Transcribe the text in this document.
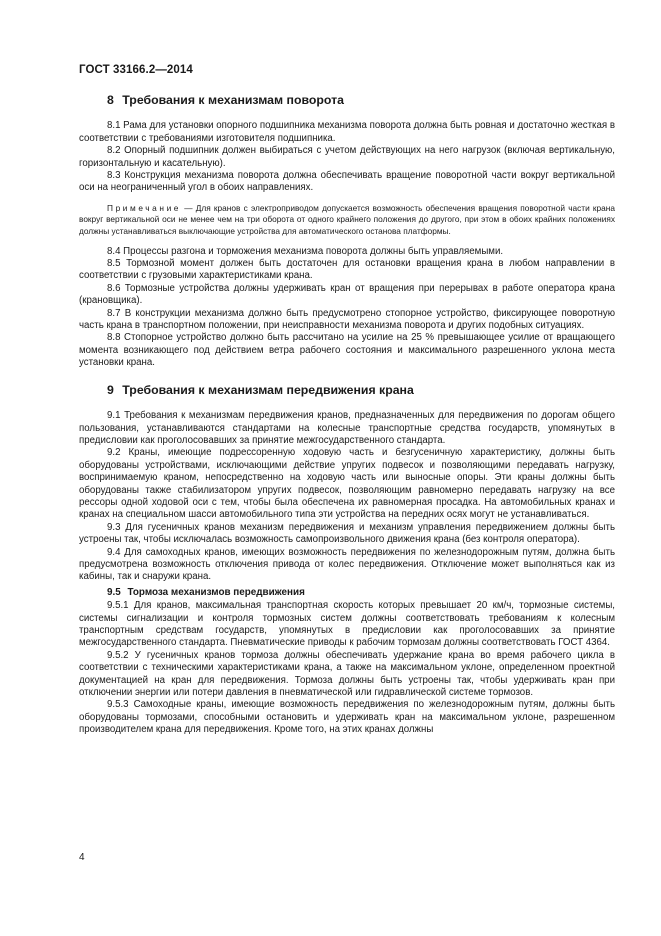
ГОСТ 33166.2—2014
8 Требования к механизмам поворота

8.1 Рама для установки опорного подшипника механизма поворота должна быть ровная и достаточно жесткая в соответствии с требованиями изготовителя подшипника.

8.2 Опорный подшипник должен выбираться с учетом действующих на него нагрузок (включая вертикальную, горизонтальную и касательную).

8.3 Конструкция механизма поворота должна обеспечивать вращение поворотной части вокруг вертикальной оси на неограниченный угол в обоих направлениях.

Примечание — Для кранов с электроприводом допускается возможность обеспечения вращения поворотной части крана вокруг вертикальной оси не менее чем на три оборота от одного крайнего положения до другого, при этом в обоих крайних положениях должны устанавливаться выключающие устройства для автоматического останова платформы.

8.4 Процессы разгона и торможения механизма поворота должны быть управляемыми.

8.5 Тормозной момент должен быть достаточен для остановки вращения крана в любом направлении в соответствии с грузовыми характеристиками крана.

8.6 Тормозные устройства должны удерживать кран от вращения при перерывах в работе оператора крана (крановщика).

8.7 В конструкции механизма должно быть предусмотрено стопорное устройство, фиксирующее поворотную часть крана в транспортном положении, при неисправности механизма поворота и других подобных ситуациях.

8.8 Стопорное устройство должно быть рассчитано на усилие на 25 % превышающее усилие от вращающего момента возникающего под действием ветра рабочего состояния и максимального разрешенного уклона места установки крана.

9 Требования к механизмам передвижения крана

9.1 Требования к механизмам передвижения кранов, предназначенных для передвижения по дорогам общего пользования, устанавливаются стандартами на колесные транспортные средства государств, упомянутых в предисловии как проголосовавших за принятие межгосударственного стандарта.

9.2 Краны, имеющие подрессоренную ходовую часть и безгусеничную характеристику, должны быть оборудованы устройствами, исключающими действие упругих подвесок и позволяющими передавать нагрузку, воспринимаемую краном, непосредственно на ходовую часть или выносные опоры. Эти краны должны быть оборудованы также стабилизатором упругих подвесок, позволяющим равномерно передавать нагрузку на все рессоры одной ходовой оси с тем, чтобы была обеспечена их равномерная просадка. На автомобильных кранах и кранах на специальном шасси автомобильного типа эти устройства на передних осях могут не устанавливаться.

9.3 Для гусеничных кранов механизм передвижения и механизм управления передвижением должны быть устроены так, чтобы исключалась возможность самопроизвольного движения крана (без контроля оператора).

9.4 Для самоходных кранов, имеющих возможность передвижения по железнодорожным путям, должна быть предусмотрена возможность отключения привода от колес передвижения. Отключение может выполняться как из кабины, так и снаружи крана.

9.5 Тормоза механизмов передвижения

9.5.1 Для кранов, максимальная транспортная скорость которых превышает 20 км/ч, тормозные системы, системы сигнализации и контроля тормозных систем должны соответствовать требованиям к колесным транспортным средствам государств, упомянутых в предисловии как проголосовавших за принятие межгосударственного стандарта. Пневматические приводы к рабочим тормозам должны соответствовать ГОСТ 4364.

9.5.2 У гусеничных кранов тормоза должны обеспечивать удержание крана во время рабочего цикла в соответствии с техническими характеристиками крана, а также на максимальном уклоне, определенном проектной документацией на кран для передвижения. Тормоза должны быть устроены так, чтобы удерживать кран при отключении энергии или потери давления в пневматической или гидравлической системе тормозов.

9.5.3 Самоходные краны, имеющие возможность передвижения по железнодорожным путям, должны быть оборудованы тормозами, способными остановить и удерживать кран на максимальном уклоне, разрешенном производителем крана для передвижения. Кроме того, на этих кранах должны

4
